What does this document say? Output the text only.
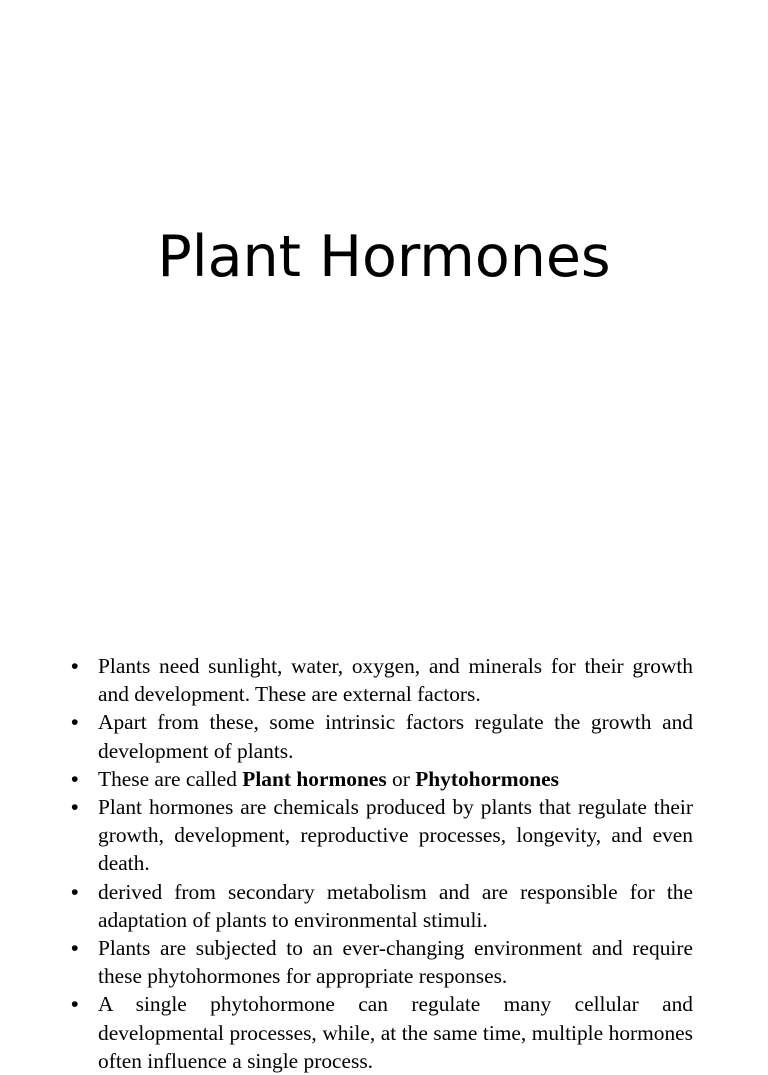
Plant Hormones
• Plants need sunlight, water, oxygen, and minerals for their growth and development. These are external factors.
• Apart from these, some intrinsic factors regulate the growth and development of plants.
• These are called Plant hormones or Phytohormones
• Plant hormones are chemicals produced by plants that regulate their growth, development, reproductive processes, longevity, and even death.
• derived from secondary metabolism and are responsible for the adaptation of plants to environmental stimuli.
• Plants are subjected to an ever-changing environment and require these phytohormones for appropriate responses.
• A single phytohormone can regulate many cellular and developmental processes, while, at the same time, multiple hormones often influence a single process.
